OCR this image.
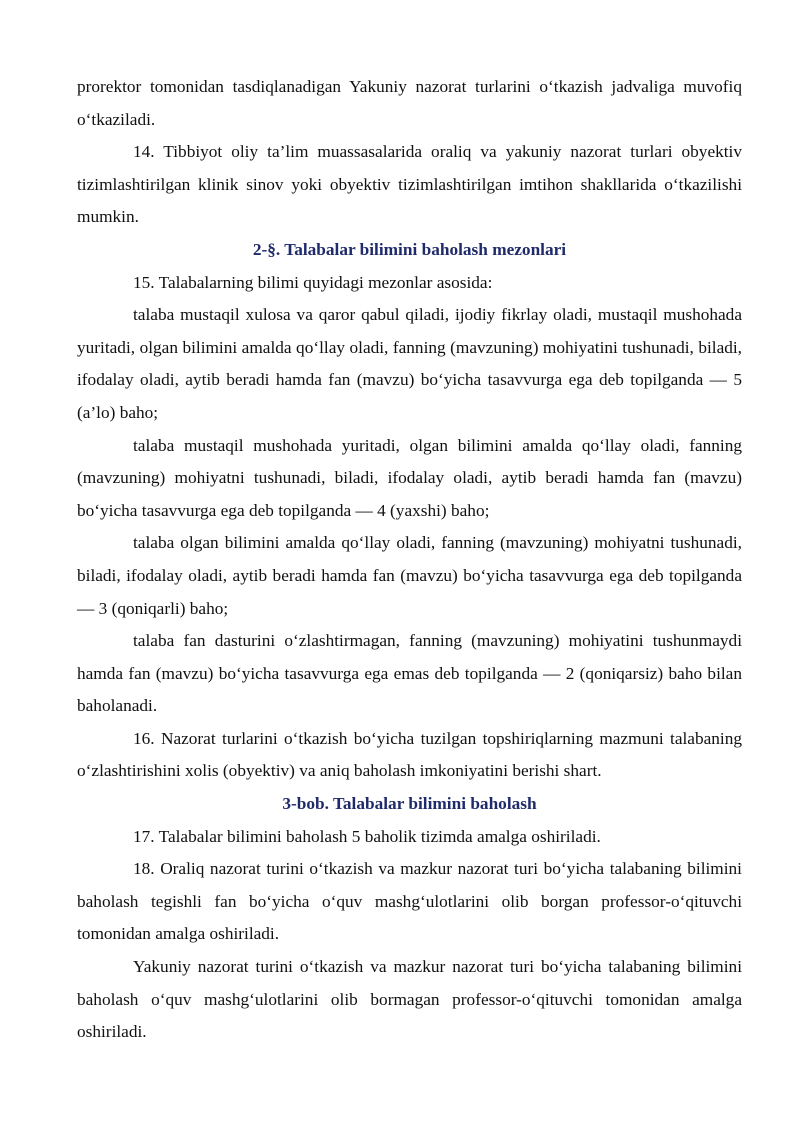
prorektor tomonidan tasdiqlanadigan Yakuniy nazorat turlarini o‘tkazish jadvaliga muvofiq o‘tkaziladi.

14. Tibbiyot oliy ta’lim muassasalarida oraliq va yakuniy nazorat turlari obyektiv tizimlashtirilgan klinik sinov yoki obyektiv tizimlashtirilgan imtihon shakllarida o‘tkazilishi mumkin.

2-§. Talabalar bilimini baholash mezonlari

15. Talabalarning bilimi quyidagi mezonlar asosida:

talaba mustaqil xulosa va qaror qabul qiladi, ijodiy fikrlay oladi, mustaqil mushohada yuritadi, olgan bilimini amalda qo‘llay oladi, fanning (mavzuning) mohiyatini tushunadi, biladi, ifodalay oladi, aytib beradi hamda fan (mavzu) bo‘yicha tasavvurga ega deb topilganda — 5 (a’lo) baho;

talaba mustaqil mushohada yuritadi, olgan bilimini amalda qo‘llay oladi, fanning (mavzuning) mohiyatni tushunadi, biladi, ifodalay oladi, aytib beradi hamda fan (mavzu) bo‘yicha tasavvurga ega deb topilganda — 4 (yaxshi) baho;

talaba olgan bilimini amalda qo‘llay oladi, fanning (mavzuning) mohiyatni tushunadi, biladi, ifodalay oladi, aytib beradi hamda fan (mavzu) bo‘yicha tasavvurga ega deb topilganda — 3 (qoniqarli) baho;

talaba fan dasturini o‘zlashtirmagan, fanning (mavzuning) mohiyatini tushunmaydi hamda fan (mavzu) bo‘yicha tasavvurga ega emas deb topilganda — 2 (qoniqarsiz) baho bilan baholanadi.

16. Nazorat turlarini o‘tkazish bo‘yicha tuzilgan topshiriqlarning mazmuni talabaning o‘zlashtirishini xolis (obyektiv) va aniq baholash imkoniyatini berishi shart.

3-bob. Talabalar bilimini baholash

17. Talabalar bilimini baholash 5 baholik tizimda amalga oshiriladi.

18. Oraliq nazorat turini o‘tkazish va mazkur nazorat turi bo‘yicha talabaning bilimini baholash tegishli fan bo‘yicha o‘quv mashg‘ulotlarini olib borgan professor-o‘qituvchi tomonidan amalga oshiriladi.

Yakuniy nazorat turini o‘tkazish va mazkur nazorat turi bo‘yicha talabaning bilimini baholash o‘quv mashg‘ulotlarini olib bormagan professor-o‘qituvchi tomonidan amalga oshiriladi.
